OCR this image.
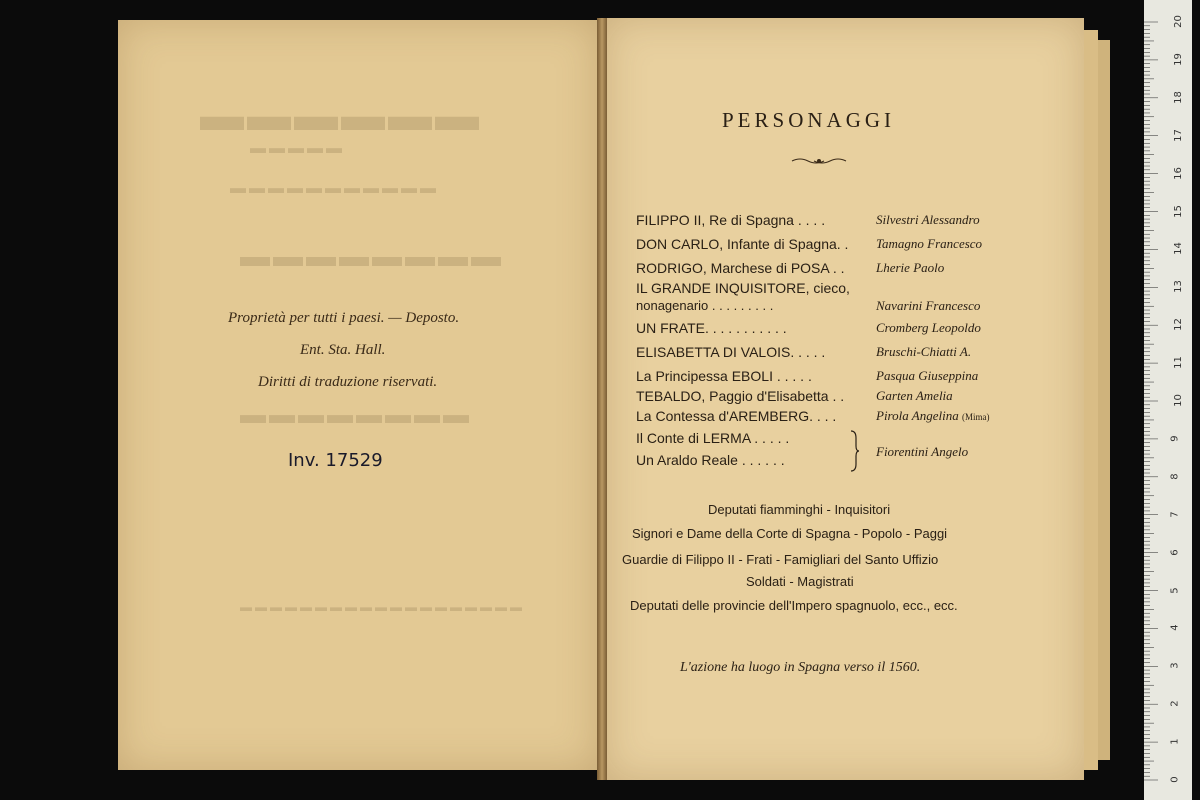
▬▬▬▬▬▬
▬▬▬▬▬
▬▬▬▬▬▬▬▬▬▬▬
▬▬▬▬▬▬▬▬
▬▬▬▬▬▬▬▬
▬▬▬▬▬▬▬▬▬▬▬▬▬▬▬▬▬▬▬
Proprietà per tutti i paesi. — Deposto.
Ent. Sta. Hall.
Diritti di traduzione riservati.
Inv. 17529
PERSONAGGI
FILIPPO II, Re di Spagna . . . .	Silvestri Alessandro
DON CARLO, Infante di Spagna. . Tamagno Francesco
RODRIGO, Marchese di POSA . . Lherie Paolo
IL GRANDE INQUISITORE, cieco,
nonagenario . . . . . . . . .	Navarini Francesco
UN FRATE. . . . . . . . . . .	Cromberg Leopoldo
ELISABETTA DI VALOIS. . . . .	Bruschi-Chiatti A.
La Principessa EBOLI . . . . .	Pasqua Giuseppina
TEBALDO, Paggio d'Elisabetta . . Garten Amelia
La Contessa d'AREMBERG. . . .	Pirola Angelina (Mima)
Il Conte di LERMA . . . . .
Un Araldo Reale . . . . . .
Fiorentini Angelo
Deputati fiamminghi - Inquisitori
Signori e Dame della Corte di Spagna - Popolo - Paggi
Guardie di Filippo II - Frati - Famigliari del Santo Uffizio
Soldati - Magistrati
Deputati delle provincie dell'Impero spagnuolo, ecc., ecc.
L'azione ha luogo in Spagna verso il 1560.
20
19
18
17
16
15
14
13
12
11
10
9
8
7
6
5
4
3
2
1
0
